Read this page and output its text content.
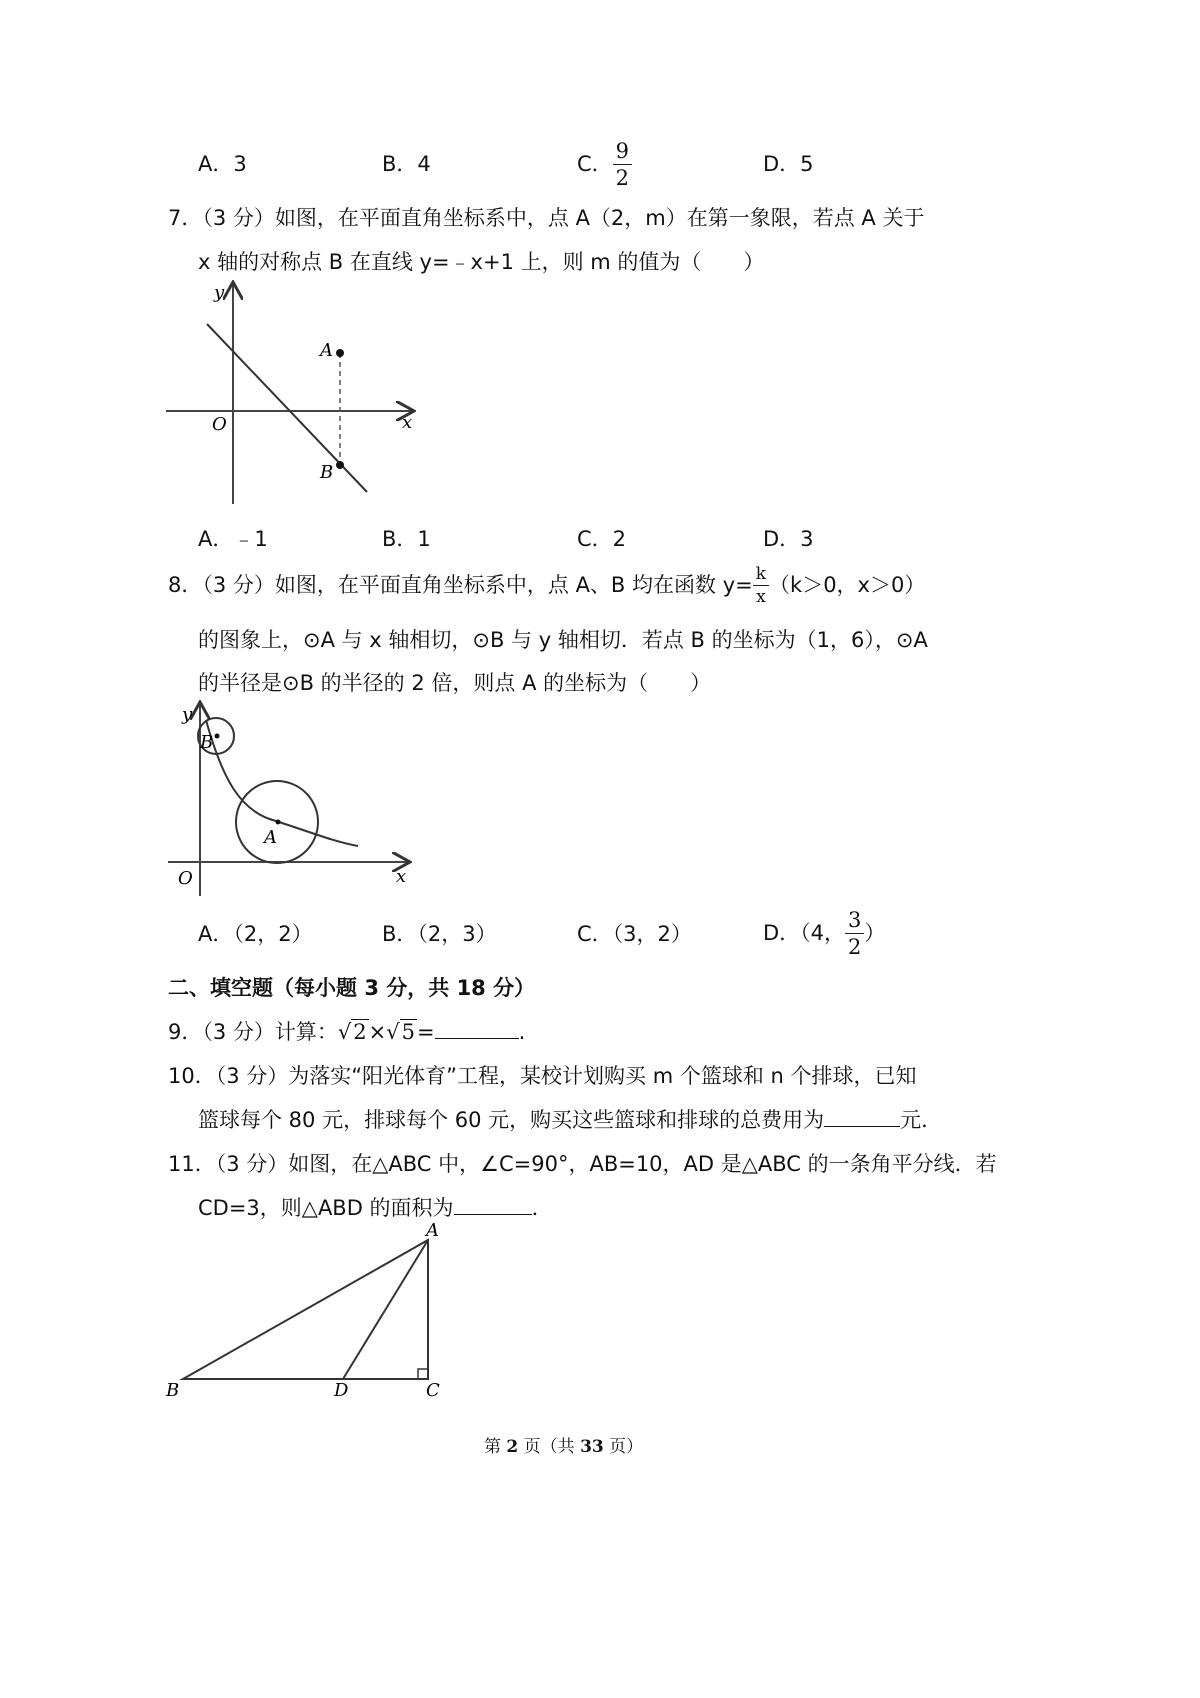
A．3	B．4	C． $\frac{9}{2}$	D．5
7．（3 分）如图，在平面直角坐标系中，点 A（2，m）在第一象限，若点 A 关于
x 轴的对称点 B 在直线 y=﹣x+1 上，则 m 的值为（　　）
y
x
O
A
B
A．﹣1	B．1	C．2	D．3
8．（3 分）如图，在平面直角坐标系中，点 A、B 均在函数 $y= \frac{k}{x} (k>0$，x＞0）
的图象上，⊙A 与 x 轴相切，⊙B 与 y 轴相切．若点 B 的坐标为（1，6），⊙A
的半径是⊙B 的半径的 2 倍，则点 A 的坐标为（　　）
y
x
O
B
A
A．（2，2）	B．（2，3）	C．（3，2）	D．（4， $\frac{3}{2}$ ）
二、填空题（每小题 3 分，共 18 分）
9．（3 分）计算：√2×√5=	.
10．（3 分）为落实“阳光体育”工程，某校计划购买 m 个篮球和 n 个排球，已知
篮球每个 80 元，排球每个 60 元，购买这些篮球和排球的总费用为	元．
11．（3 分）如图，在△ABC 中，∠C=90°，AB=10，AD 是△ABC 的一条角平分线．若
CD=3，则△ABD 的面积为	．
A
B	C
D
第 2 页（共 33 页）
